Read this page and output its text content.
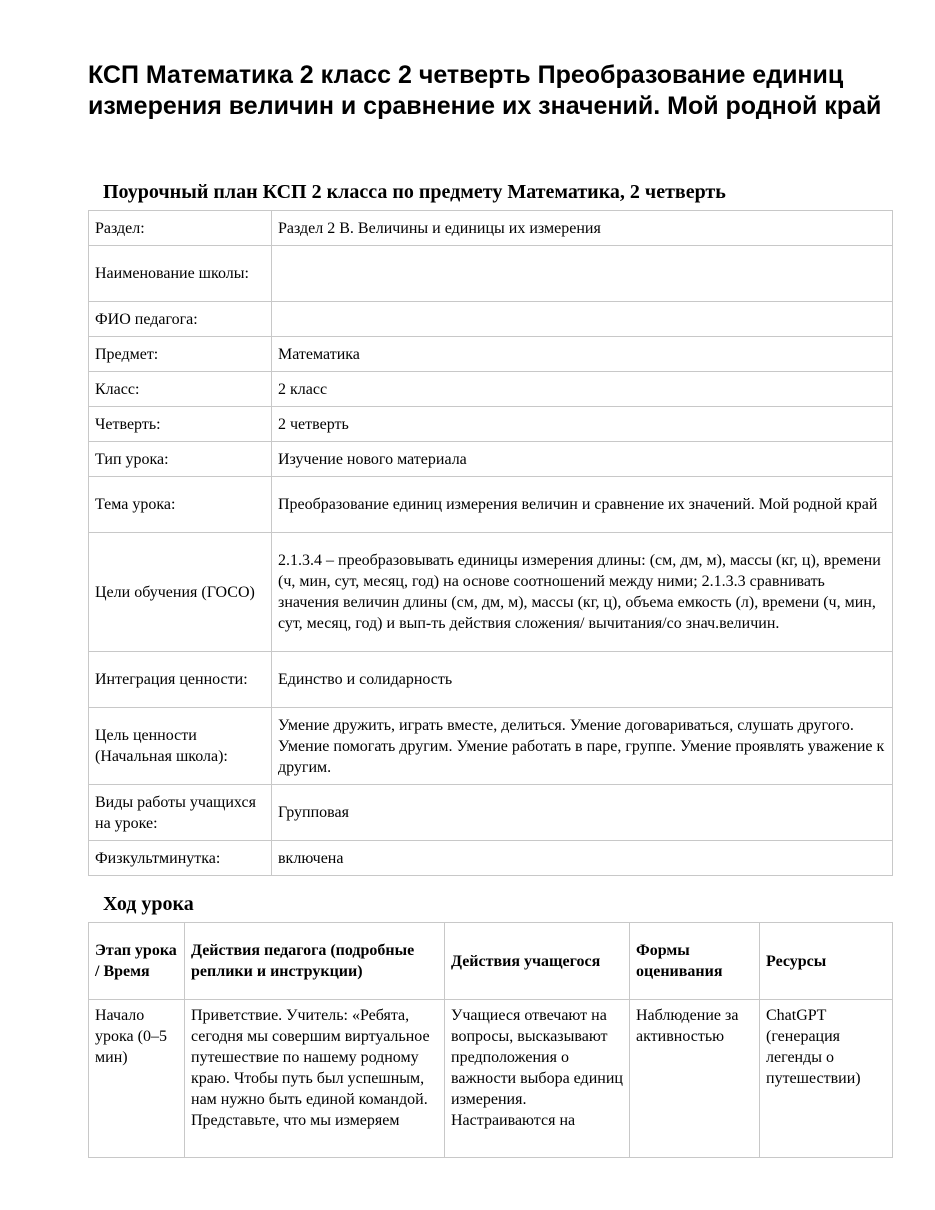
КСП Математика 2 класс 2 четверть Преобразование единиц измерения величин и сравнение их значений. Мой родной край
Поурочный план КСП 2 класса по предмету Математика, 2 четверть
Раздел:	Раздел 2 В. Величины и единицы их измерения
Наименование школы:	
ФИО педагога:	
Предмет:	Математика
Класс:	2 класс
Четверть:	2 четверть
Тип урока:	Изучение нового материала
Тема урока:	Преобразование единиц измерения величин и сравнение их значений. Мой родной край
Цели обучения (ГОСО)	2.1.3.4 – преобразовывать единицы измерения длины: (см, дм, м), массы (кг, ц), времени (ч, мин, сут, месяц, год) на основе соотношений между ними; 2.1.3.3 сравнивать значения величин длины (см, дм, м), массы (кг, ц), объема емкость (л), времени (ч, мин, сут, месяц, год) и вып-ть действия сложения/ вычитания/со знач.величин.
Интеграция ценности:	Единство и солидарность
Цель ценности (Начальная школа):	Умение дружить, играть вместе, делиться. Умение договариваться, слушать другого. Умение помогать другим. Умение работать в паре, группе. Умение проявлять уважение к другим.
Виды работы учащихся на уроке:	Групповая
Физкультминутка:	включена
Ход урока
Этап урока / Время	Действия педагога (подробные реплики и инструкции)	Действия учащегося	Формы оценивания	Ресурсы

Начало урока (0–5 мин)	Приветствие. Учитель: «Ребята, сегодня мы совершим виртуальное путешествие по нашему родному краю. Чтобы путь был успешным, нам нужно быть единой командой. Представьте, что мы измеряем	Учащиеся отвечают на вопросы, высказывают предположения о важности выбора единиц измерения. Настраиваются на	Наблюдение за активностью	ChatGPT (генерация легенды о путешествии)
